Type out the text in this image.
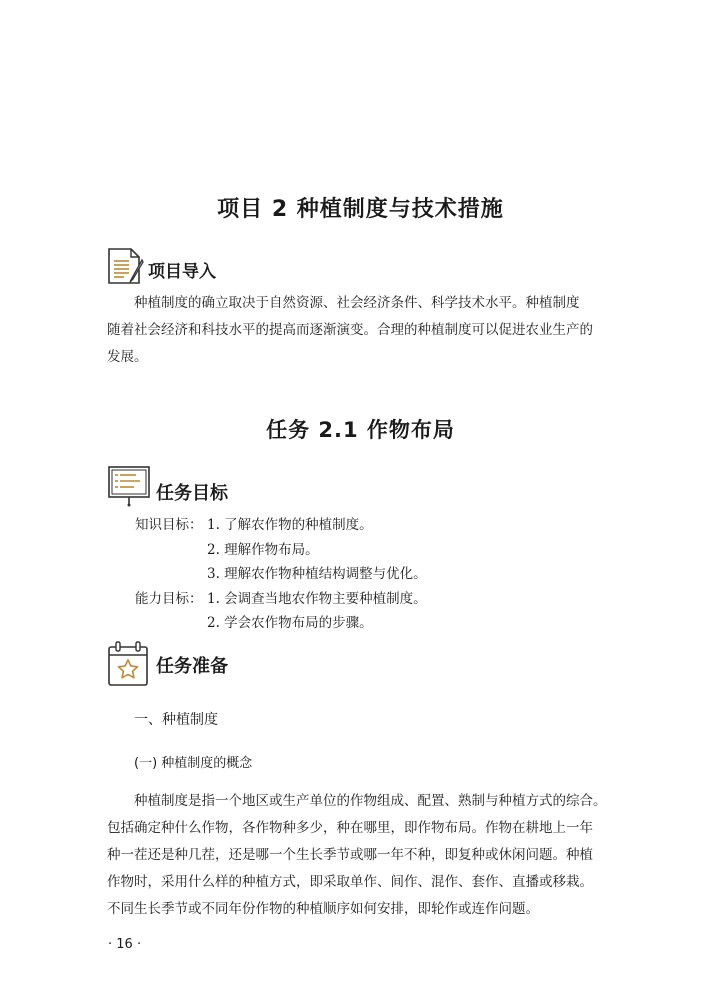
项目 2 种植制度与技术措施
项目导入
种植制度的确立取决于自然资源、社会经济条件、科学技术水平。种植制度
随着社会经济和科技水平的提高而逐渐演变。合理的种植制度可以促进农业生产的
发展。
任务 2.1 作物布局
任务目标
知识目标： 1. 了解农作物的种植制度。
2. 理解作物布局。
3. 理解农作物种植结构调整与优化。
能力目标： 1. 会调查当地农作物主要种植制度。
2. 学会农作物布局的步骤。
任务准备
一、种植制度
(一) 种植制度的概念
种植制度是指一个地区或生产单位的作物组成、配置、熟制与种植方式的综合。
包括确定种什么作物，各作物种多少，种在哪里，即作物布局。作物在耕地上一年
种一茬还是种几茬，还是哪一个生长季节或哪一年不种，即复种或休闲问题。种植
作物时，采用什么样的种植方式，即采取单作、间作、混作、套作、直播或移栽。
不同生长季节或不同年份作物的种植顺序如何安排，即轮作或连作问题。
· 16 ·
